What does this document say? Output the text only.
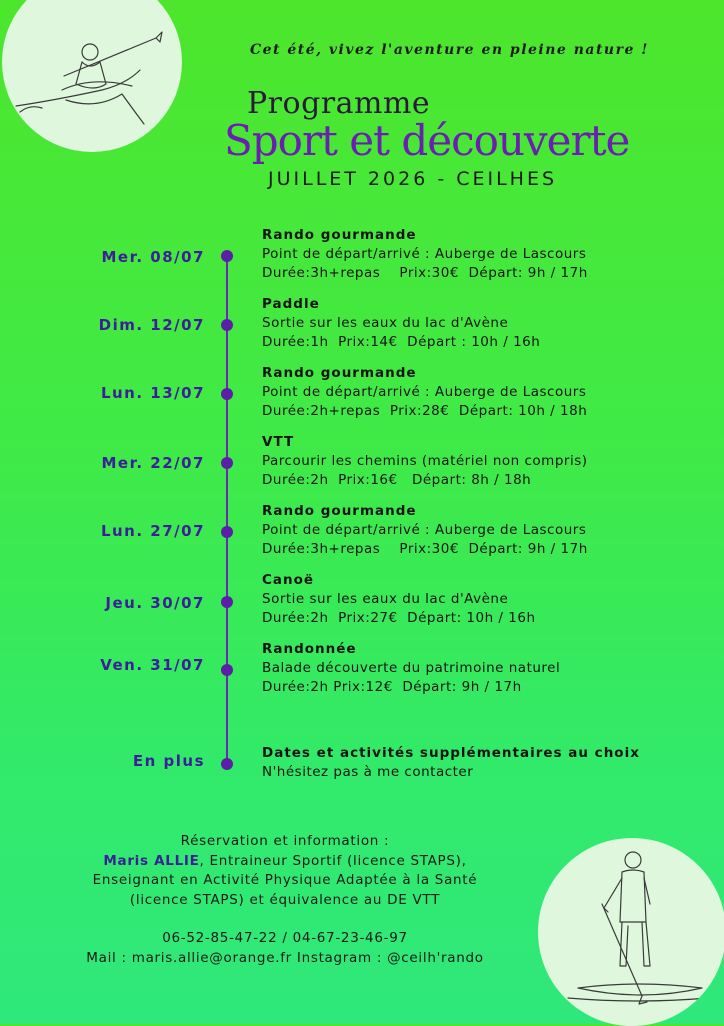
Cet été, vivez l'aventure en pleine nature !
Programme
Sport et découverte
JUILLET 2026 - CEILHES
Mer. 08/07
Rando gourmande
Point de départ/arrivé : Auberge de Lascours
Durée:3h+repas    Prix:30€  Départ: 9h / 17h
Dim. 12/07
Paddle
Sortie sur les eaux du lac d'Avène
Durée:1h  Prix:14€  Départ : 10h / 16h
Lun. 13/07
Rando gourmande
Point de départ/arrivé : Auberge de Lascours
Durée:2h+repas  Prix:28€  Départ: 10h / 18h
Mer. 22/07
VTT
Parcourir les chemins (matériel non compris)
Durée:2h  Prix:16€   Départ: 8h / 18h
Lun. 27/07
Rando gourmande
Point de départ/arrivé : Auberge de Lascours
Durée:3h+repas    Prix:30€  Départ: 9h / 17h
Jeu. 30/07
Canoë
Sortie sur les eaux du lac d'Avène
Durée:2h  Prix:27€  Départ: 10h / 16h
Ven. 31/07
Randonnée
Balade découverte du patrimoine naturel
Durée:2h Prix:12€  Départ: 9h / 17h
En plus	Dates et activités supplémentaires au choix
N'hésitez pas à me contacter
Réservation et information :
Maris ALLIE, Entraineur Sportif (licence STAPS),
Enseignant en Activité Physique Adaptée à la Santé
(licence STAPS) et équivalence au DE VTT
06-52-85-47-22 / 04-67-23-46-97
Mail : maris.allie@orange.fr Instagram : @ceilh'rando
